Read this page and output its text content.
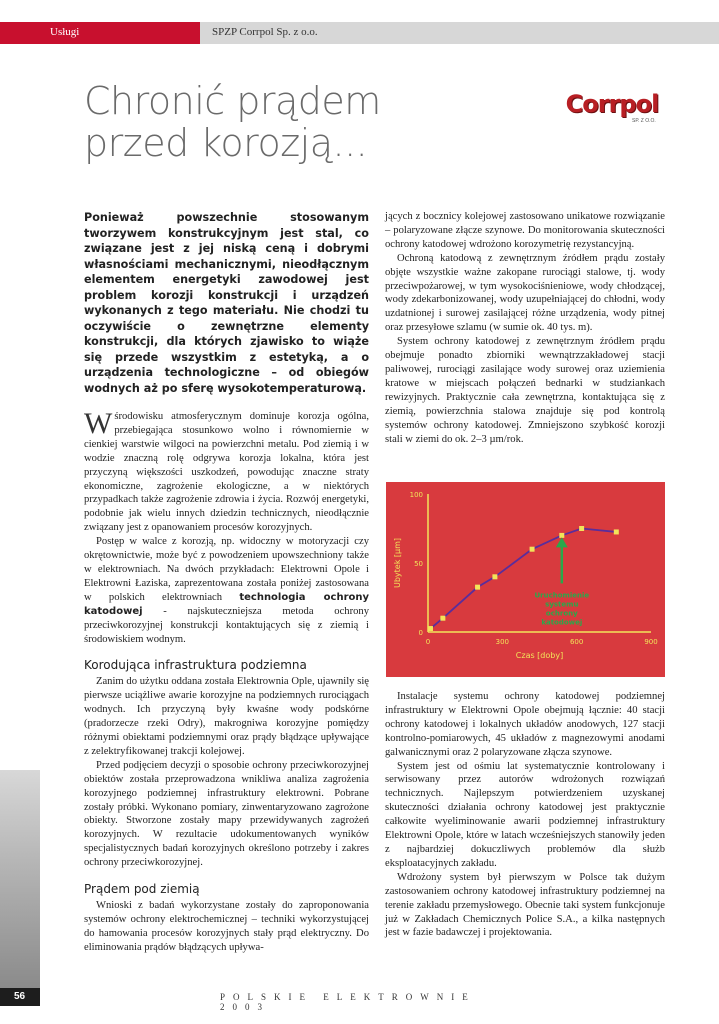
Usługi	SPZP Corrpol Sp. z o.o.
Chronić prądem
przed korozją...
Corrpol
SP. Z O.O.

Ponieważ powszechnie stosowanym tworzywem konstrukcyjnym jest stal, co związane jest z jej niską ceną i dobrymi własnościami mechanicznymi, nieodłącznym elementem energetyki zawodowej jest problem korozji konstrukcji i urządzeń wykonanych z tego materiału. Nie chodzi tu oczywiście o zewnętrzne elementy konstrukcji, dla których zjawisko to wiąże się przede wszystkim z estetyką, a o urządzenia technologiczne – od obiegów wodnych aż po sferę wysokotemperaturową.

Wśrodowisku atmosferycznym dominuje korozja ogólna, przebiegająca stosunkowo wolno i równomiernie w cienkiej warstwie wilgoci na powierzchni metalu. Pod ziemią i w wodzie znaczną rolę odgrywa korozja lokalna, która jest przyczyną większości uszkodzeń, powodując znaczne straty ekonomiczne, zagrożenie ekologiczne, a w niektórych przypadkach także zagrożenie zdrowia i życia. Rozwój energetyki, podobnie jak wielu innych dziedzin technicznych, nieodłącznie związany jest z opanowaniem procesów korozyjnych.

Postęp w walce z korozją, np. widoczny w motoryzacji czy okrętownictwie, może być z powodzeniem upowszechniony także w elektrowniach. Na dwóch przykładach: Elektrowni Opole i Elektrowni Łaziska, zaprezentowana została poniżej zastosowana w polskich elektrowniach technologia ochrony katodowej - najskuteczniejsza metoda ochrony przeciwkorozyjnej konstrukcji kontaktujących się z ziemią i środowiskiem wodnym.

Korodująca infrastruktura podziemna

Zanim do użytku oddana została Elektrownia Ople, ujawnily się pierwsze uciążliwe awarie korozyjne na podziemnych rurociągach wodnych. Ich przyczyną były kwaśne wody podskórne (pradorzecze rzeki Odry), makrogniwa korozyjne pomiędzy różnymi obiektami podziemnymi oraz prądy błądzące upływające z zelektryfikowanej trakcji kolejowej.

Przed podjęciem decyzji o sposobie ochrony przeciwkorozyjnej obiektów została przeprowadzona wnikliwa analiza zagrożenia korozyjnego podziemnej infrastruktury elektrowni. Pobrane zostały próbki. Wykonano pomiary, zinwentaryzowano zagrożone obiekty. Stworzone zostały mapy przewidywanych zagrożeń korozyjnych. W rezultacie udokumentowanych wyników specjalistycznych badań korozyjnych określono potrzeby i zakres ochrony przeciwkorozyjnej.

Prądem pod ziemią

Wnioski z badań wykorzystane zostały do zaproponowania systemów ochrony elektrochemicznej – techniki wykorzystującej do hamowania procesów korozyjnych stały prąd elektryczny. Do eliminowania prądów błądzących upływa-

jących z bocznicy kolejowej zastosowano unikatowe rozwiązanie – polaryzowane złącze szynowe. Do monitorowania skuteczności ochrony katodowej wdrożono korozymetrię rezystancyjną.

Ochroną katodową z zewnętrznym źródłem prądu zostały objęte wszystkie ważne zakopane rurociągi stalowe, tj. wody przeciwpożarowej, w tym wysokociśnieniowe, wody chłodzącej, wody zdekarbonizowanej, wody uzupełniającej do chłodni, wody uzdatnionej i surowej zasilającej różne urządzenia, wody pitnej oraz przesyłowe szlamu (w sumie ok. 40 tys. m).

System ochrony katodowej z zewnętrznym źródłem prądu obejmuje ponadto zbiorniki wewnątrzzakładowej stacji paliwowej, rurociągi zasilające wody surowej oraz uziemienia kratowe w miejscach połączeń bednarki w studziankach rewizyjnych. Praktycznie cała zewnętrzna, kontaktująca się z ziemią, powierzchnia stalowa znajduje się pod kontrolą systemów ochrony katodowej. Zmniejszono szybkość korozji stali w ziemi do ok. 2–3 µm/rok.

0
50
100
0	300	600	900
Czas [doby]
Ubytek [µm]
Uruchomienie
systemu
ochrony
katodowej

Instalacje systemu ochrony katodowej podziemnej infrastruktury w Elektrowni Opole obejmują łącznie: 40 stacji ochrony katodowej i lokalnych układów anodowych, 127 stacji kontrolno-pomiarowych, 45 układów z magnezowymi anodami galwanicznymi oraz 2 polaryzowane złącza szynowe.

System jest od ośmiu lat systematycznie kontrolowany i serwisowany przez autorów wdrożonych rozwiązań technicznych. Najlepszym potwierdzeniem uzyskanej skuteczności działania ochrony katodowej jest praktycznie całkowite wyeliminowanie awarii podziemnej infrastruktury Elektrowni Opole, które w latach wcześniejszych stanowiły jeden z najbardziej dokuczliwych problemów dla służb eksploatacyjnych zakładu.

Wdrożony system był pierwszym w Polsce tak dużym zastosowaniem ochrony katodowej infrastruktury podziemnej na terenie zakładu przemysłowego. Obecnie taki system funkcjonuje już w Zakładach Chemicznych Police S.A., a kilka następnych jest w fazie badawczej i projektowania.

56	POLSKIE ELEKTROWNIE 2003
